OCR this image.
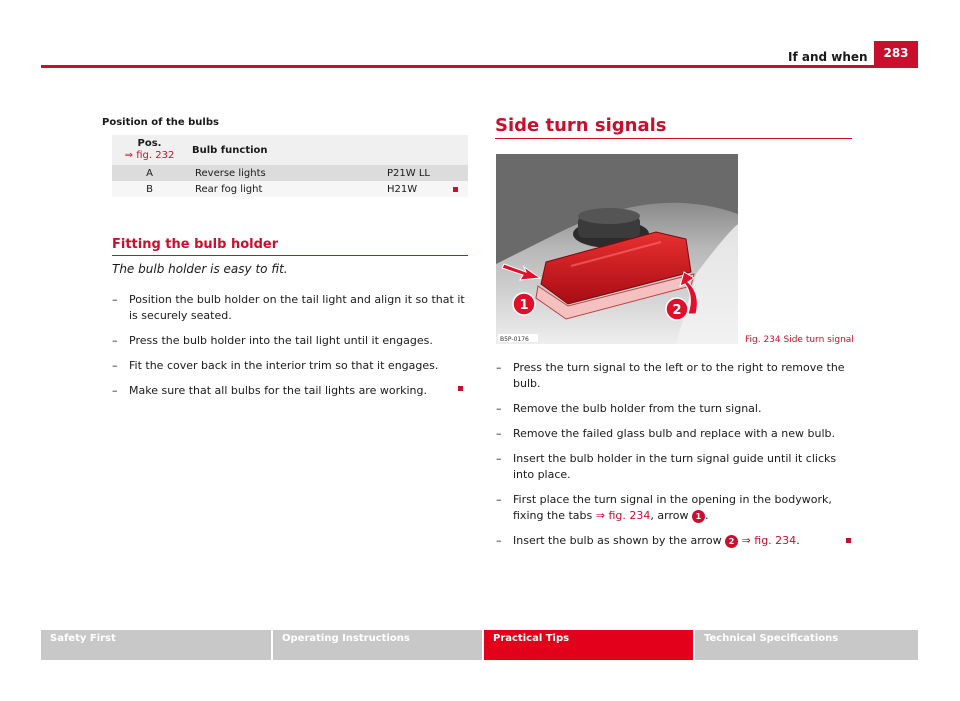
If and when	283
Position of the bulbs
Pos.
⇒ fig. 232	Bulb function
A	Reverse lights	P21W LL
B	Rear fog light	H21W
Fitting the bulb holder
The bulb holder is easy to fit.
–	Position the bulb holder on the tail light and align it so that it is securely seated.
–	Press the bulb holder into the tail light until it engages.
–	Fit the cover back in the interior trim so that it engages.
–	Make sure that all bulbs for the tail lights are working.
Side turn signals
1	2
B5P-0176	Fig. 234 Side turn signal
–	Press the turn signal to the left or to the right to remove the bulb.
–	Remove the bulb holder from the turn signal.
–	Remove the failed glass bulb and replace with a new bulb.
–	Insert the bulb holder in the turn signal guide until it clicks into place.
–	First place the turn signal in the opening in the bodywork, fixing the tabs ⇒ fig. 234, arrow 1 .
–	Insert the bulb as shown by the arrow 2 ⇒ fig. 234.
Safety First	Operating Instructions	Practical Tips	Technical Specifications
